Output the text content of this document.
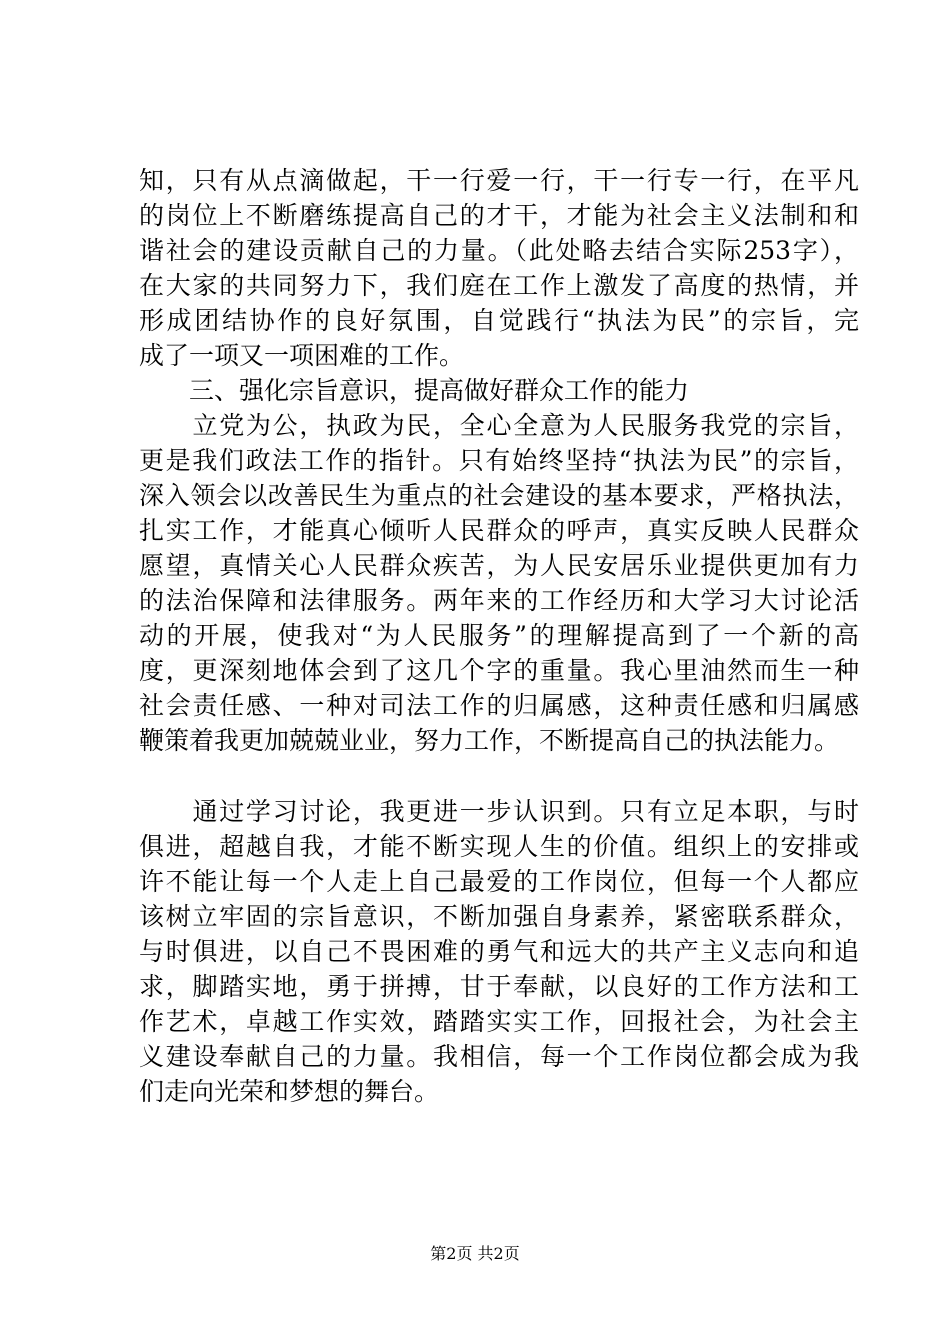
知，只有从点滴做起，干一行爱一行，干一行专一行，在平凡
的岗位上不断磨练提高自己的才干，才能为社会主义法制和和
谐社会的建设贡献自己的力量。（此处略去结合实际253字），
在大家的共同努力下，我们庭在工作上激发了高度的热情，并
形成团结协作的良好氛围，自觉践行“执法为民”的宗旨，完
成了一项又一项困难的工作。
　　三、强化宗旨意识，提高做好群众工作的能力
　　立党为公，执政为民，全心全意为人民服务我党的宗旨，
更是我们政法工作的指针。只有始终坚持“执法为民”的宗旨，
深入领会以改善民生为重点的社会建设的基本要求，严格执法，
扎实工作，才能真心倾听人民群众的呼声，真实反映人民群众
愿望，真情关心人民群众疾苦，为人民安居乐业提供更加有力
的法治保障和法律服务。两年来的工作经历和大学习大讨论活
动的开展，使我对“为人民服务”的理解提高到了一个新的高
度，更深刻地体会到了这几个字的重量。我心里油然而生一种
社会责任感、一种对司法工作的归属感，这种责任感和归属感
鞭策着我更加兢兢业业，努力工作，不断提高自己的执法能力。
　　通过学习讨论，我更进一步认识到。只有立足本职，与时
俱进，超越自我，才能不断实现人生的价值。组织上的安排或
许不能让每一个人走上自己最爱的工作岗位，但每一个人都应
该树立牢固的宗旨意识，不断加强自身素养，紧密联系群众，
与时俱进，以自己不畏困难的勇气和远大的共产主义志向和追
求，脚踏实地，勇于拼搏，甘于奉献，以良好的工作方法和工
作艺术，卓越工作实效，踏踏实实工作，回报社会，为社会主
义建设奉献自己的力量。我相信，每一个工作岗位都会成为我
们走向光荣和梦想的舞台。
第2页 共2页
